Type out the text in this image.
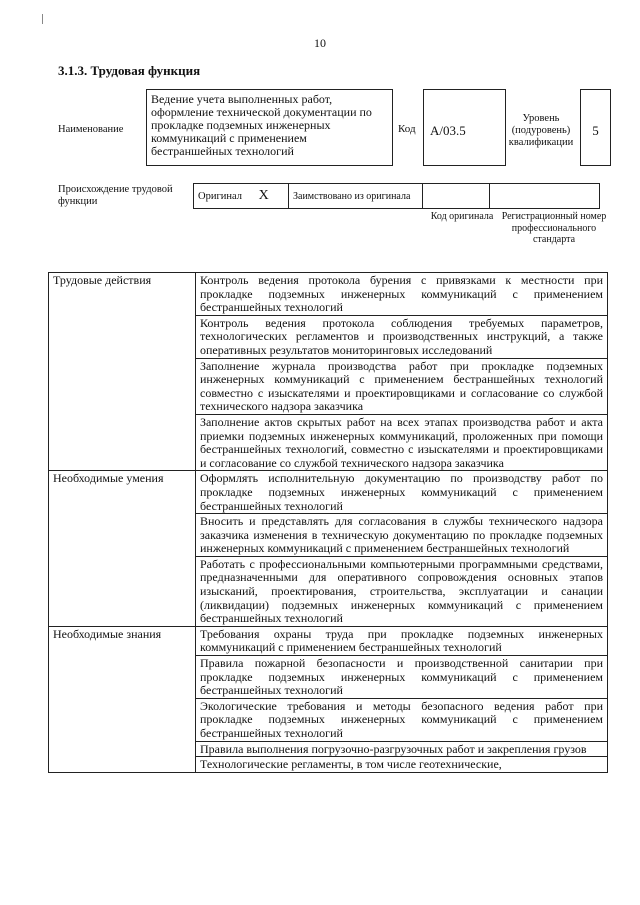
10
3.1.3. Трудовая функция
Наименование
Ведение учета выполненных работ, оформление технической документации по прокладке подземных инженерных коммуникаций с применением бестраншейных технологий
Код	А/03.5
Уровень (подуровень) квалификации
5
Происхождение трудовой функции	Оригинал X	Заимствовано из оригинала		
Код оригинала Регистрационный номер профессионального стандарта
Трудовые действия	Контроль ведения протокола бурения с привязками к местности при прокладке подземных инженерных коммуникаций с применением бестраншейных технологий
	Контроль ведения протокола соблюдения требуемых параметров, технологических регламентов и производственных инструкций, а также оперативных результатов мониторинговых исследований
	Заполнение журнала производства работ при прокладке подземных инженерных коммуникаций с применением бестраншейных технологий совместно с изыскателями и проектировщиками и согласование со службой технического надзора заказчика
	Заполнение актов скрытых работ на всех этапах производства работ и акта приемки подземных инженерных коммуникаций, проложенных при помощи бестраншейных технологий, совместно с изыскателями и проектировщиками и согласование со службой технического надзора заказчика
Необходимые умения	Оформлять исполнительную документацию по производству работ по прокладке подземных инженерных коммуникаций с применением бестраншейных технологий
	Вносить и представлять для согласования в службы технического надзора заказчика изменения в техническую документацию по прокладке подземных инженерных коммуникаций с применением бестраншейных технологий
	Работать с профессиональными компьютерными программными средствами, предназначенными для оперативного сопровождения основных этапов изысканий, проектирования, строительства, эксплуатации и санации (ликвидации) подземных инженерных коммуникаций с применением бестраншейных технологий
Необходимые знания	Требования охраны труда при прокладке подземных инженерных коммуникаций с применением бестраншейных технологий
	Правила пожарной безопасности и производственной санитарии при прокладке подземных инженерных коммуникаций с применением бестраншейных технологий
	Экологические требования и методы безопасного ведения работ при прокладке подземных инженерных коммуникаций с применением бестраншейных технологий
	Правила выполнения погрузочно-разгрузочных работ и закрепления грузов
	Технологические регламенты, в том числе геотехнические,
